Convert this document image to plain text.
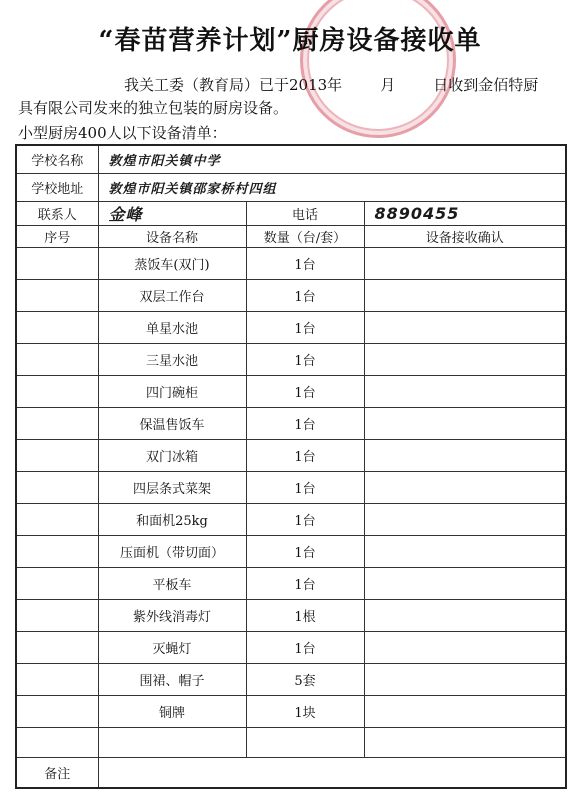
“春苗营养计划”厨房设备接收单
我关工委（教育局）已于2013年	月	日收到金佰特厨
具有限公司发来的独立包装的厨房设备。
小型厨房400人以下设备清单：
学校名称	敦煌市阳关镇中学		
学校地址	敦煌市阳关镇邵家桥村四组		
联系人	金峰	电话	8890455
序号	设备名称	数量（台/套）	设备接收确认
	蒸饭车(双门)	1台	
	双层工作台	1台	
	单星水池	1台	
	三星水池	1台	
	四门碗柜	1台	
	保温售饭车	1台	
	双门冰箱	1台	
	四层条式菜架	1台	
	和面机25kg	1台	
	压面机（带切面）	1台	
	平板车	1台	
	紫外线消毒灯	1根	
	灭蝇灯	1台	
	围裙、帽子	5套	
	铜牌	1块	

备注			
